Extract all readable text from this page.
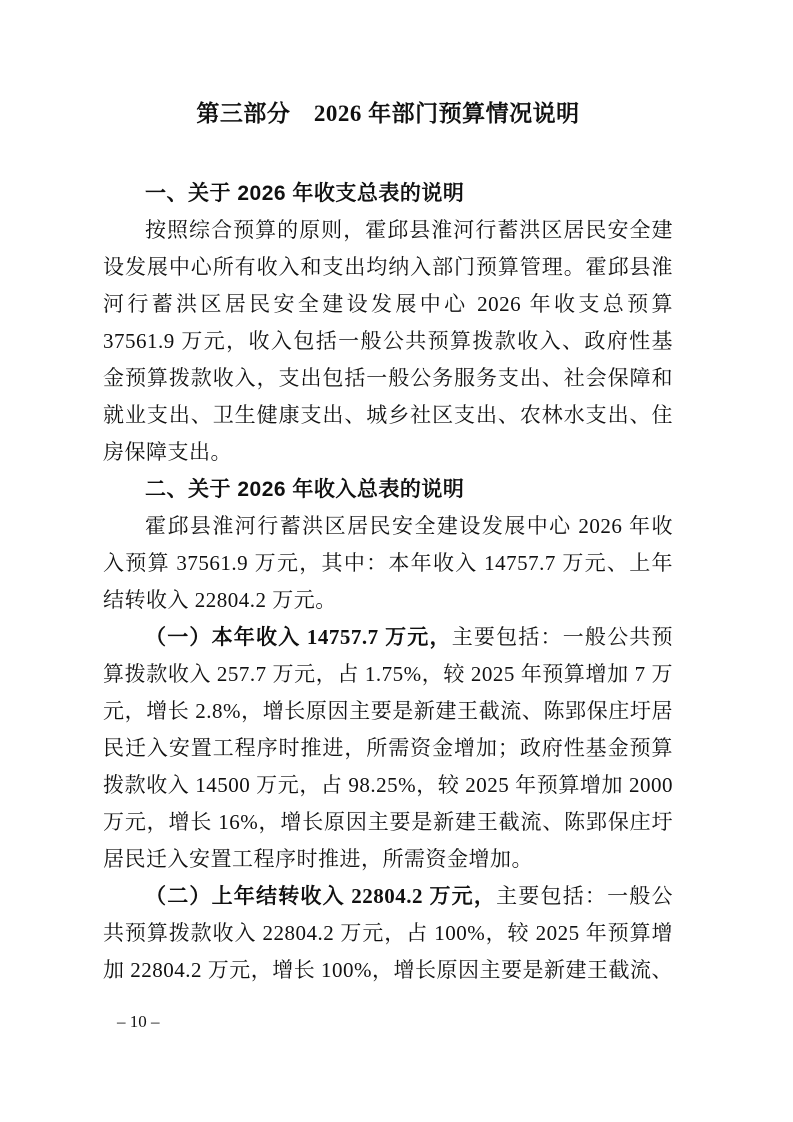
第三部分　2026 年部门预算情况说明
一、关于 2026 年收支总表的说明

按照综合预算的原则，霍邱县淮河行蓄洪区居民安全建设发展中心所有收入和支出均纳入部门预算管理。霍邱县淮河行蓄洪区居民安全建设发展中心 2026 年收支总预算 37561.9 万元，收入包括一般公共预算拨款收入、政府性基金预算拨款收入，支出包括一般公务服务支出、社会保障和就业支出、卫生健康支出、城乡社区支出、农林水支出、住房保障支出。

二、关于 2026 年收入总表的说明

霍邱县淮河行蓄洪区居民安全建设发展中心 2026 年收入预算 37561.9 万元，其中：本年收入 14757.7 万元、上年结转收入 22804.2 万元。

（一）本年收入 14757.7 万元，主要包括：一般公共预算拨款收入 257.7 万元，占 1.75%，较 2025 年预算增加 7 万元，增长 2.8%，增长原因主要是新建王截流、陈郢保庄圩居民迁入安置工程序时推进，所需资金增加；政府性基金预算拨款收入 14500 万元，占 98.25%，较 2025 年预算增加 2000 万元，增长 16%，增长原因主要是新建王截流、陈郢保庄圩居民迁入安置工程序时推进，所需资金增加。

（二）上年结转收入 22804.2 万元，主要包括：一般公共预算拨款收入 22804.2 万元，占 100%，较 2025 年预算增加 22804.2 万元，增长 100%，增长原因主要是新建王截流、

– 10 –
